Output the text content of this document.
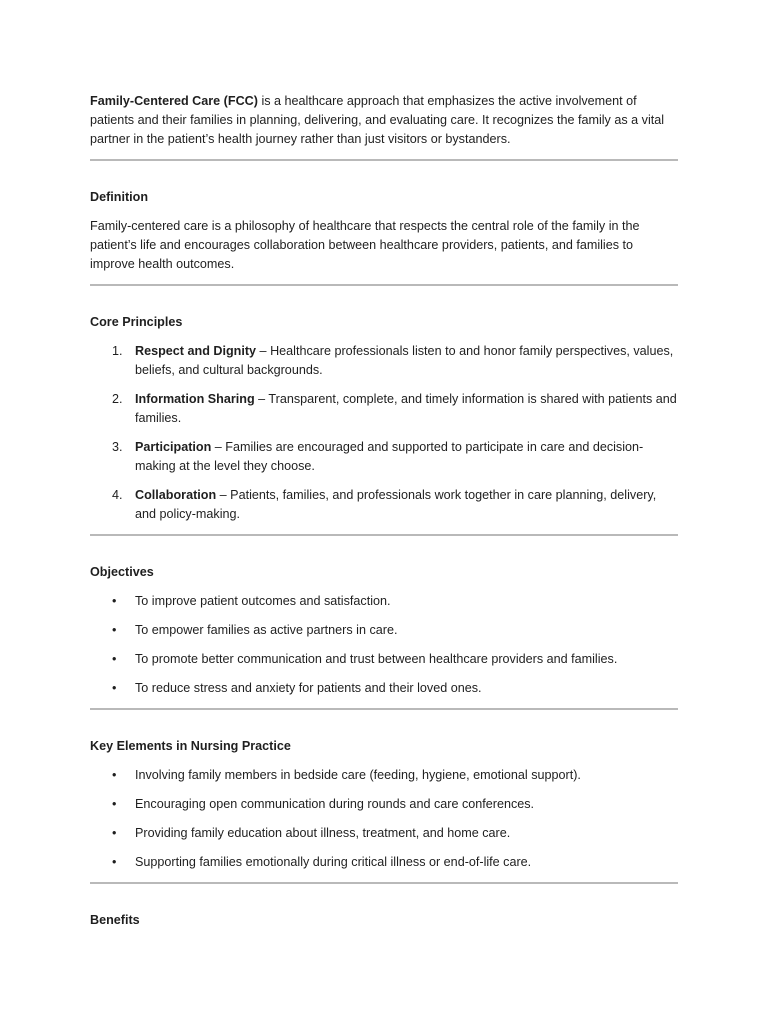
Family-Centered Care (FCC) is a healthcare approach that emphasizes the active involvement of patients and their families in planning, delivering, and evaluating care. It recognizes the family as a vital partner in the patient’s health journey rather than just visitors or bystanders.

Definition

Family-centered care is a philosophy of healthcare that respects the central role of the family in the patient’s life and encourages collaboration between healthcare providers, patients, and families to improve health outcomes.

Core Principles

1. Respect and Dignity – Healthcare professionals listen to and honor family perspectives, values, beliefs, and cultural backgrounds.
2. Information Sharing – Transparent, complete, and timely information is shared with patients and families.
3. Participation – Families are encouraged and supported to participate in care and decision-making at the level they choose.
4. Collaboration – Patients, families, and professionals work together in care planning, delivery, and policy-making.

Objectives

• To improve patient outcomes and satisfaction.
• To empower families as active partners in care.
• To promote better communication and trust between healthcare providers and families.
• To reduce stress and anxiety for patients and their loved ones.

Key Elements in Nursing Practice

• Involving family members in bedside care (feeding, hygiene, emotional support).
• Encouraging open communication during rounds and care conferences.
• Providing family education about illness, treatment, and home care.
• Supporting families emotionally during critical illness or end-of-life care.

Benefits
